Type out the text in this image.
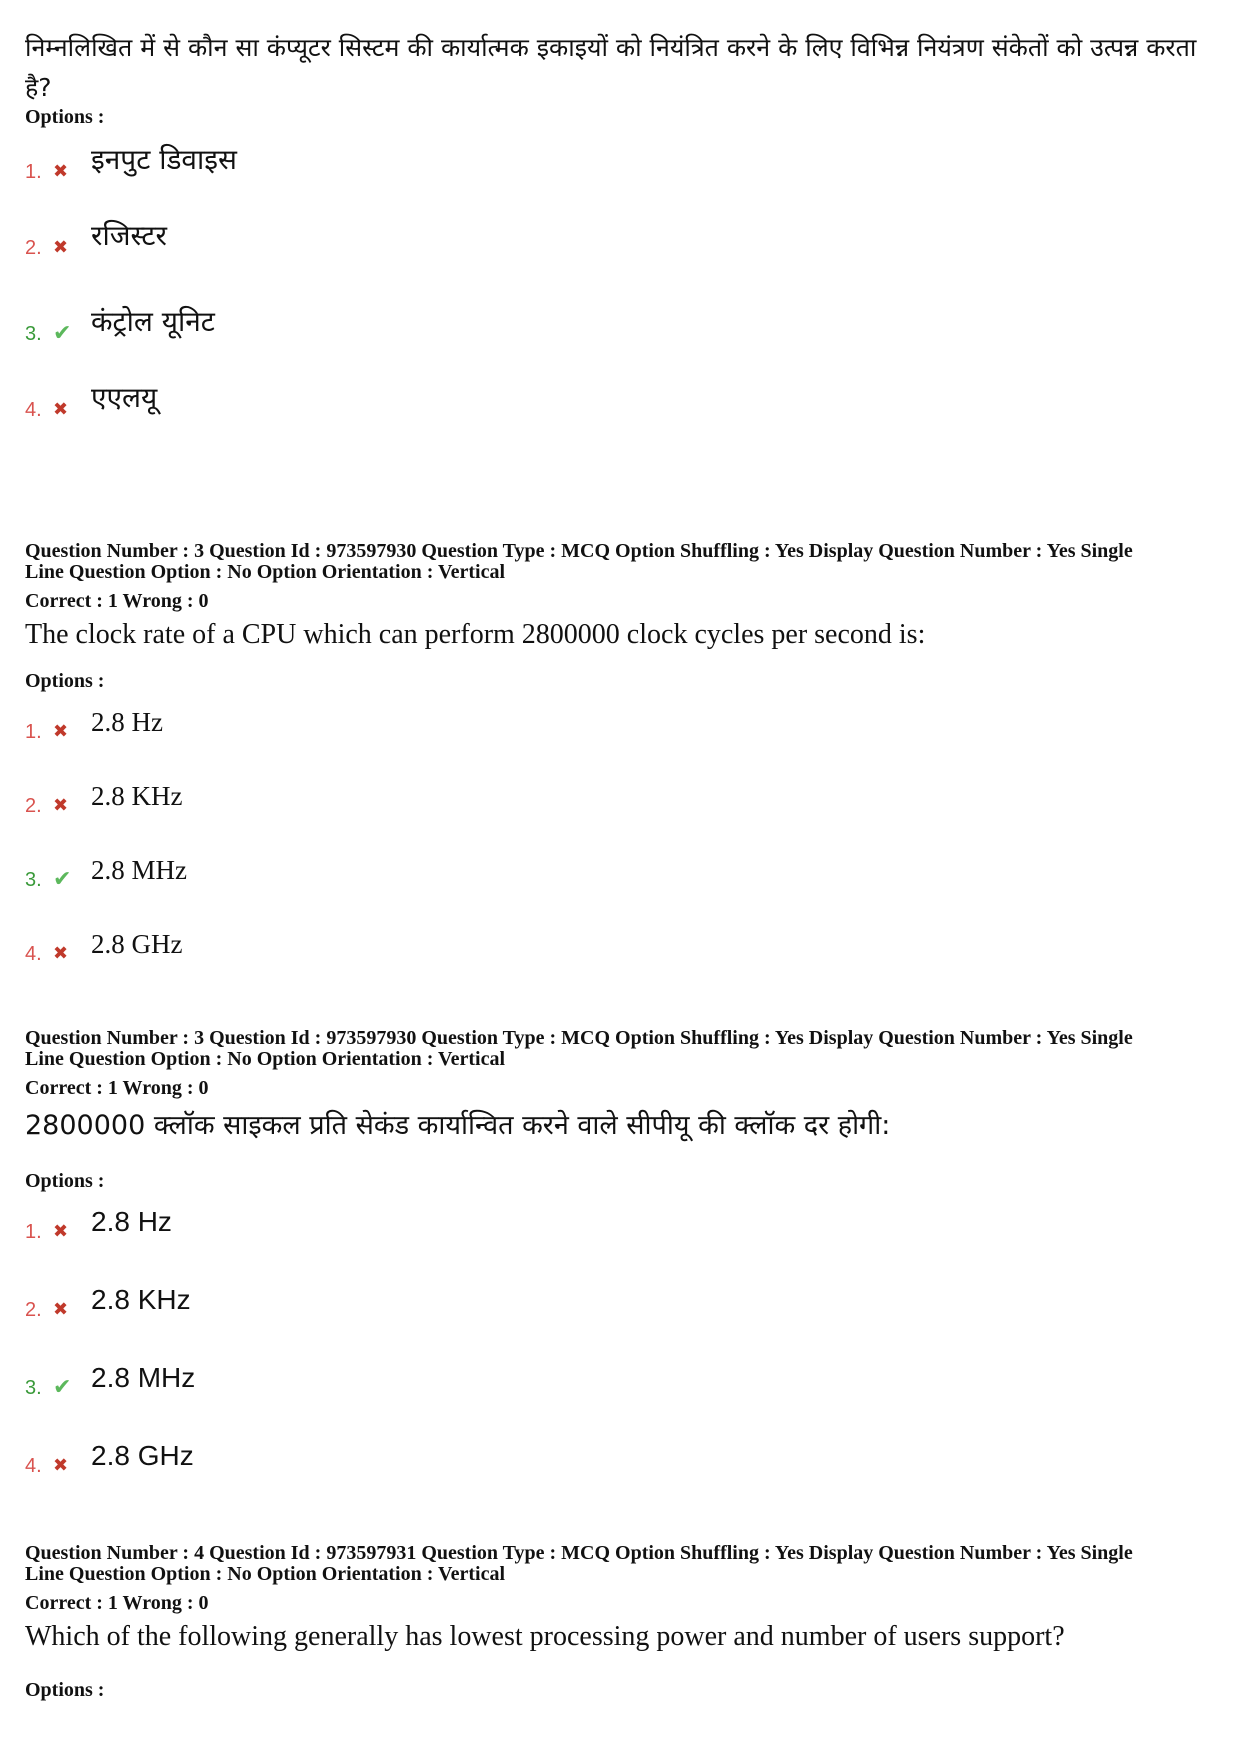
निम्नलिखित में से कौन सा कंप्यूटर सिस्टम की कार्यात्मक इकाइयों को नियंत्रित करने के लिए विभिन्न नियंत्रण संकेतों को उत्पन्न करता है?
Options :
1. ✖ इनपुट डिवाइस
2. ✖ रजिस्टर
3. ✔ कंट्रोल यूनिट
4. ✖ एएलयू
Question Number : 3 Question Id : 973597930 Question Type : MCQ Option Shuffling : Yes Display Question Number : Yes Single
Line Question Option : No Option Orientation : Vertical
Correct : 1 Wrong : 0
The clock rate of a CPU which can perform 2800000 clock cycles per second is:
Options :
1. ✖ 2.8 Hz
2. ✖ 2.8 KHz
3. ✔ 2.8 MHz
4. ✖ 2.8 GHz
Question Number : 3 Question Id : 973597930 Question Type : MCQ Option Shuffling : Yes Display Question Number : Yes Single
Line Question Option : No Option Orientation : Vertical
Correct : 1 Wrong : 0
2800000 क्लॉक साइकल प्रति सेकंड कार्यान्वित करने वाले सीपीयू की क्लॉक दर होगी:
Options :
1. ✖ 2.8 Hz
2. ✖ 2.8 KHz
3. ✔ 2.8 MHz
4. ✖ 2.8 GHz
Question Number : 4 Question Id : 973597931 Question Type : MCQ Option Shuffling : Yes Display Question Number : Yes Single
Line Question Option : No Option Orientation : Vertical
Correct : 1 Wrong : 0
Which of the following generally has lowest processing power and number of users support?
Options :
